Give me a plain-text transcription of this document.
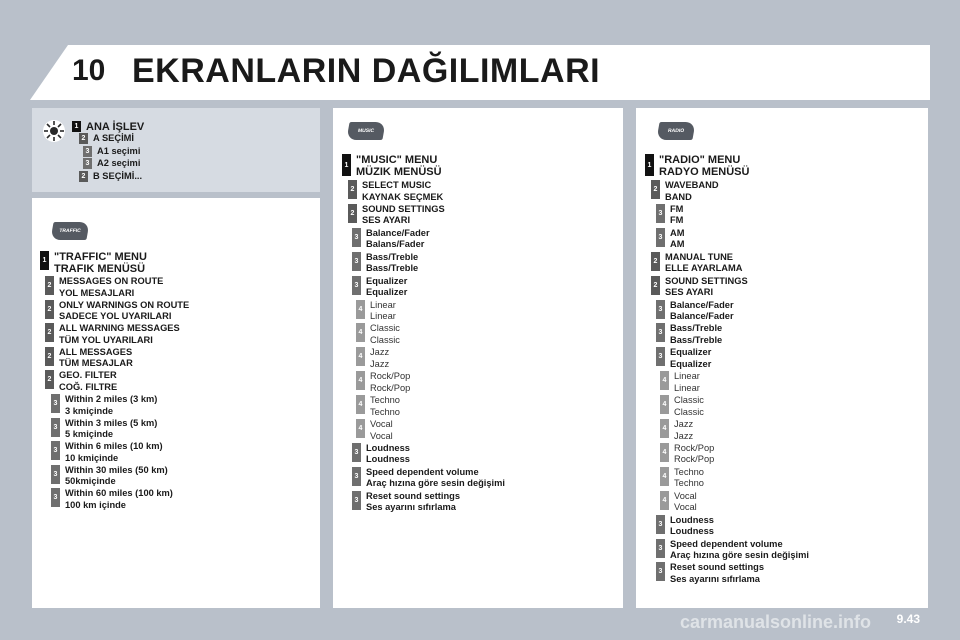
10 EKRANLARIN DAĞILIMLARI
1 ANA İŞLEV
2 A SEÇİMİ
3 A1 seçimi
3 A2 seçimi
2 B SEÇİMİ...
TRAFFIC
1 "TRAFFIC" MENU
TRAFIK MENÜSÜ
2 MESSAGES ON ROUTE
YOL MESAJLARI
2 ONLY WARNINGS ON ROUTE
SADECE YOL UYARILARI
2 ALL WARNING MESSAGES
TÜM YOL UYARILARI
2 ALL MESSAGES
TÜM MESAJLAR
2 GEO. FILTER
COĞ. FILTRE
3 Within 2 miles (3 km)
3 kmiçinde
3 Within 3 miles (5 km)
5 kmiçinde
3 Within 6 miles (10 km)
10 kmiçinde
3 Within 30 miles (50 km)
50kmiçinde
3 Within 60 miles (100 km)
100 km içinde
MUSIC
1 "MUSIC" MENU
MÜZIK MENÜSÜ
2 SELECT MUSIC
KAYNAK SEÇMEK
2 SOUND SETTINGS
SES AYARI
3 Balance/Fader
Balans/Fader
3 Bass/Treble
Bass/Treble
3 Equalizer
Equalizer
4 Linear
Linear
4 Classic
Classic
4 Jazz
Jazz
4 Rock/Pop
Rock/Pop
4 Techno
Techno
4 Vocal
Vocal
3 Loudness
Loudness
3 Speed dependent volume
Araç hızına göre sesin değişimi
3 Reset sound settings
Ses ayarını sıfırlama
RADIO
1 "RADIO" MENU
RADYO MENÜSÜ
2 WAVEBAND
BAND
3 FM
FM
3 AM
AM
2 MANUAL TUNE
ELLE AYARLAMA
2 SOUND SETTINGS
SES AYARI
3 Balance/Fader
Balance/Fader
3 Bass/Treble
Bass/Treble
3 Equalizer
Equalizer
4 Linear
Linear
4 Classic
Classic
4 Jazz
Jazz
4 Rock/Pop
Rock/Pop
4 Techno
Techno
4 Vocal
Vocal
3 Loudness
Loudness
3 Speed dependent volume
Araç hızına göre sesin değişimi
3 Reset sound settings
Ses ayarını sıfırlama
carmanualsonline.info 9.43
